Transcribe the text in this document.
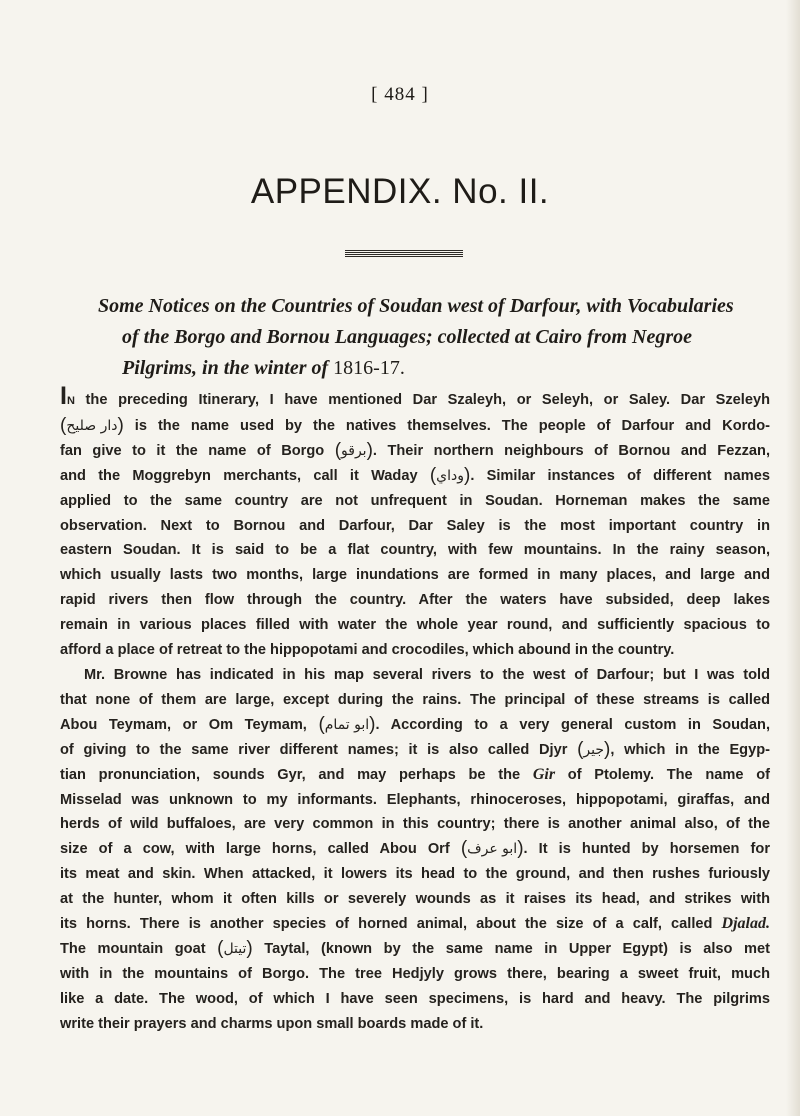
[ 484 ]
APPENDIX. No. II.
Some Notices on the Countries of Soudan west of Darfour, with Vocabularies
of the Borgo and Bornou Languages; collected at Cairo from Negroe
Pilgrims, in the winter of 1816-17.
IN the preceding Itinerary, I have mentioned Dar Szaleyh, or Seleyh, or Saley. Dar Szeleyh
(دار صليح) is the name used by the natives themselves. The people of Darfour and Kordo-
fan give to it the name of Borgo (برقو). Their northern neighbours of Bornou and Fezzan,
and the Moggrebyn merchants, call it Waday (وداي). Similar instances of different names
applied to the same country are not unfrequent in Soudan. Horneman makes the same
observation. Next to Bornou and Darfour, Dar Saley is the most important country in
eastern Soudan. It is said to be a flat country, with few mountains. In the rainy season,
which usually lasts two months, large inundations are formed in many places, and large and
rapid rivers then flow through the country. After the waters have subsided, deep lakes
remain in various places filled with water the whole year round, and sufficiently spacious to
afford a place of retreat to the hippopotami and crocodiles, which abound in the country.
Mr. Browne has indicated in his map several rivers to the west of Darfour; but I was told
that none of them are large, except during the rains. The principal of these streams is called
Abou Teymam, or Om Teymam, (ابو تمام). According to a very general custom in Soudan,
of giving to the same river different names; it is also called Djyr (جير), which in the Egyp-
tian pronunciation, sounds Gyr, and may perhaps be the Gir of Ptolemy. The name of
Misselad was unknown to my informants. Elephants, rhinoceroses, hippopotami, giraffas, and
herds of wild buffaloes, are very common in this country; there is another animal also, of the
size of a cow, with large horns, called Abou Orf (ابو عرف). It is hunted by horsemen for
its meat and skin. When attacked, it lowers its head to the ground, and then rushes furiously
at the hunter, whom it often kills or severely wounds as it raises its head, and strikes with
its horns. There is another species of horned animal, about the size of a calf, called Djalad.
The mountain goat (تيتل) Taytal, (known by the same name in Upper Egypt) is also met
with in the mountains of Borgo. The tree Hedjyly grows there, bearing a sweet fruit, much
like a date. The wood, of which I have seen specimens, is hard and heavy. The pilgrims
write their prayers and charms upon small boards made of it.
